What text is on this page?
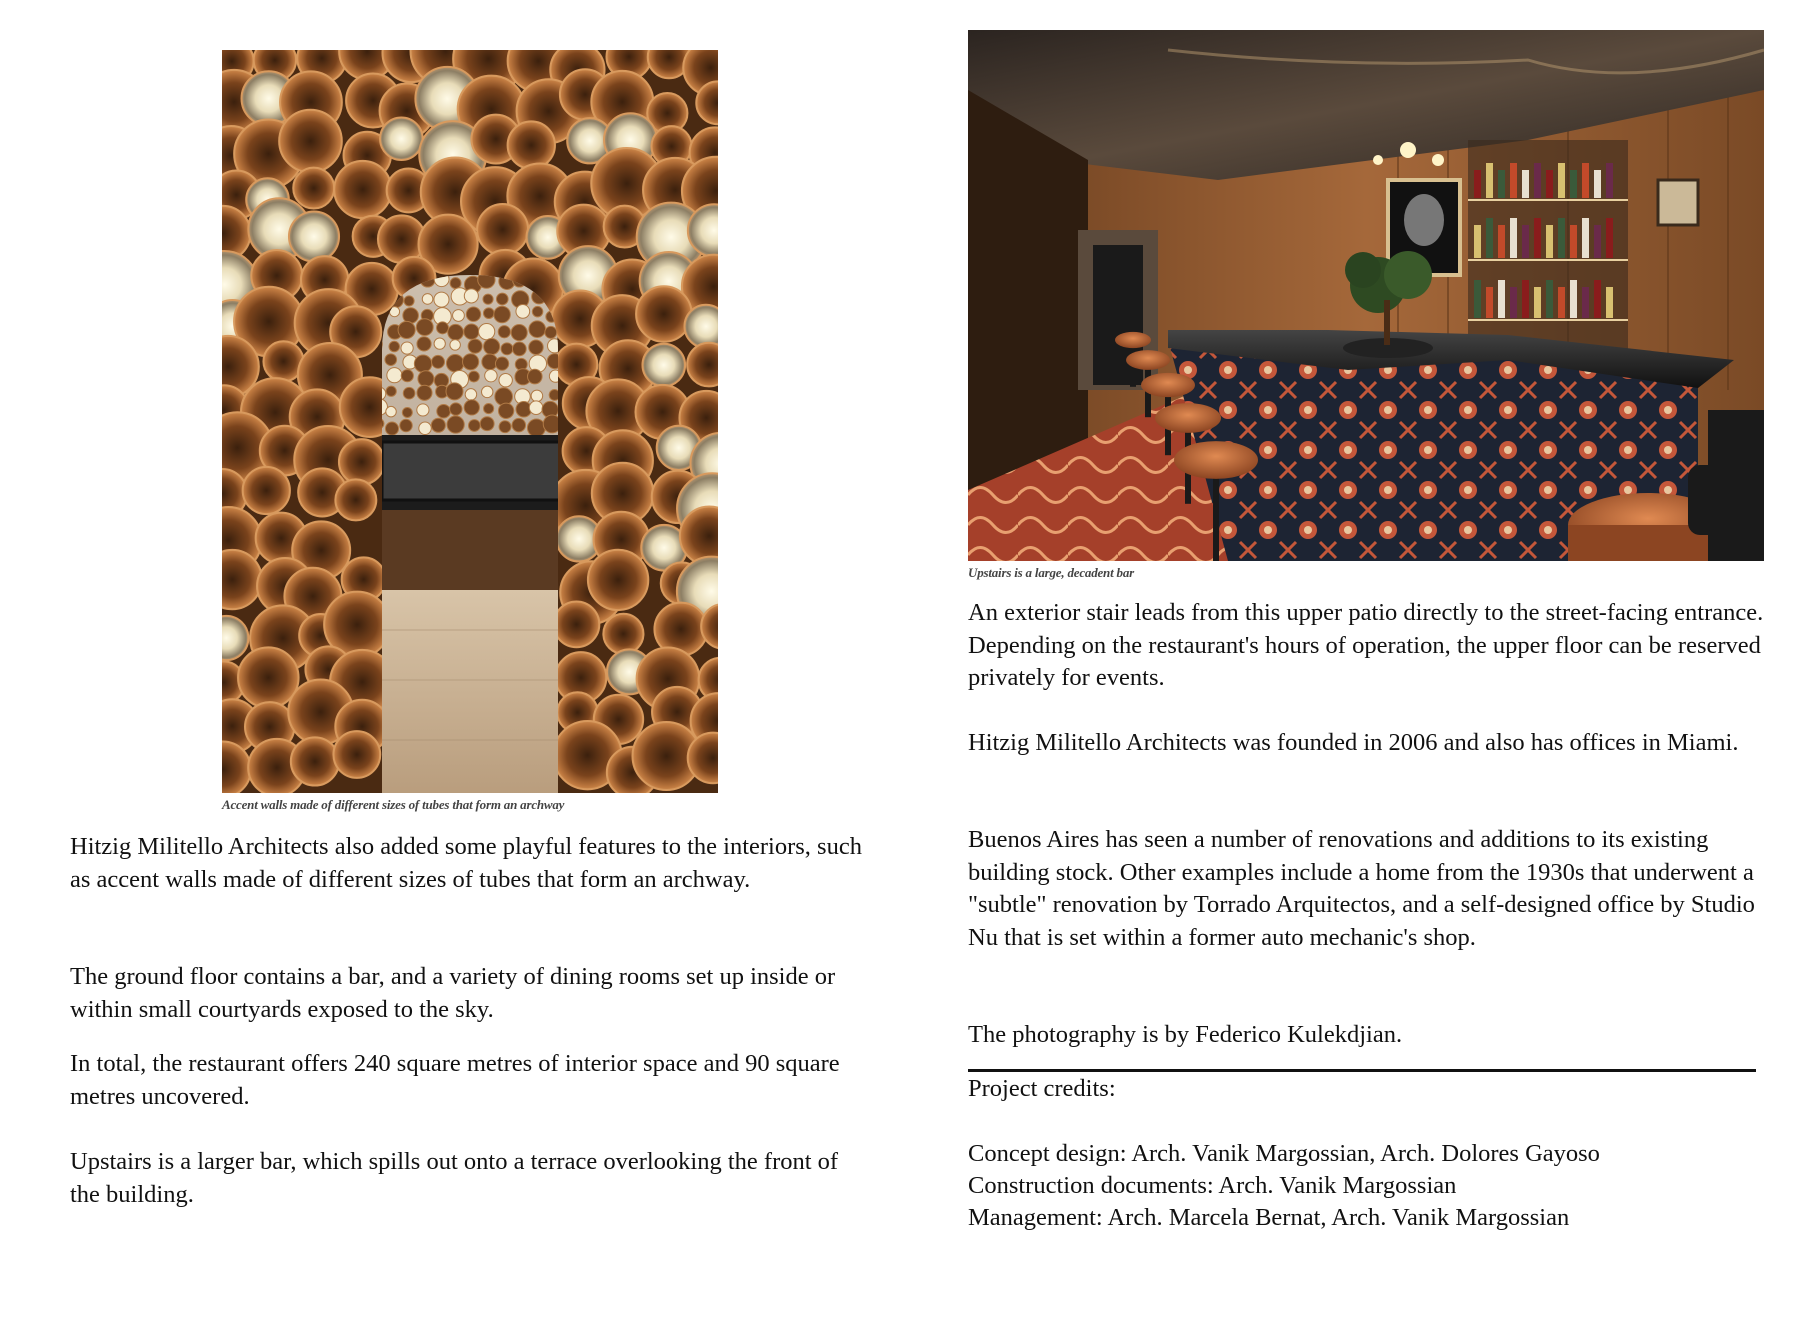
Accent walls made of different sizes of tubes that form an archway

Hitzig Militello Architects also added some playful features to the interiors, such as accent walls made of different sizes of tubes that form an archway.

The ground floor contains a bar, and a variety of dining rooms set up inside or within small courtyards exposed to the sky.

In total, the restaurant offers 240 square metres of interior space and 90 square metres uncovered.

Upstairs is a larger bar, which spills out onto a terrace overlooking the front of the building.

Upstairs is a large, decadent bar

An exterior stair leads from this upper patio directly to the street-facing entrance. Depending on the restaurant's hours of operation, the upper floor can be reserved privately for events.

Hitzig Militello Architects was founded in 2006 and also has offices in Miami.

Buenos Aires has seen a number of renovations and additions to its existing building stock. Other examples include a home from the 1930s that underwent a "subtle" renovation by Torrado Arquitectos, and a self-designed office by Studio Nu that is set within a former auto mechanic's shop.

The photography is by Federico Kulekdjian.

Project credits:
Concept design: Arch. Vanik Margossian, Arch. Dolores Gayoso
Construction documents: Arch. Vanik Margossian
Management: Arch. Marcela Bernat, Arch. Vanik Margossian
